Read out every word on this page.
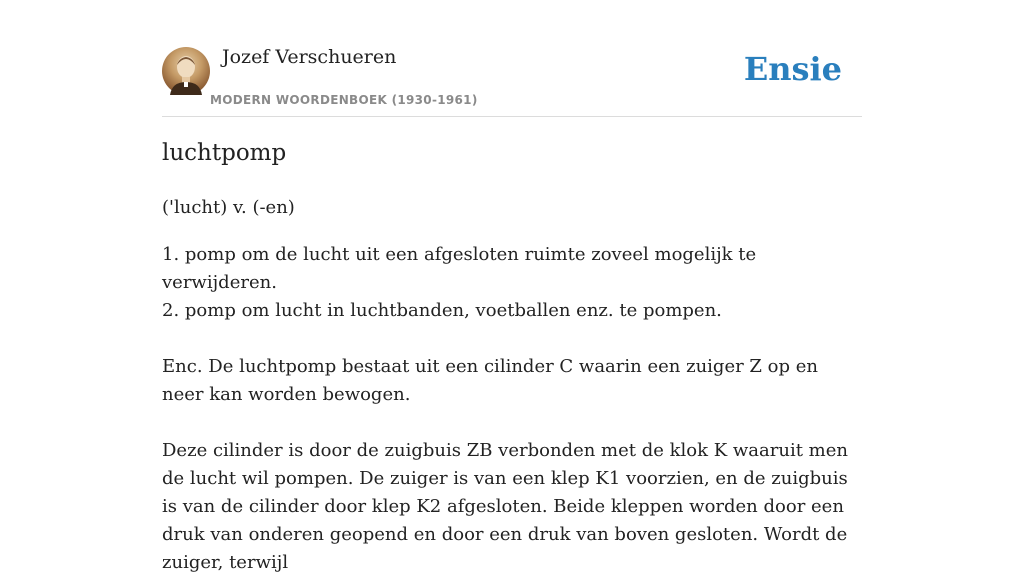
Jozef Verschueren
MODERN WOORDENBOEK (1930-1961)
Ensie
luchtpomp

('lucht) v. (-en)

1. pomp om de lucht uit een afgesloten ruimte zoveel mogelijk te verwijderen.

2. pomp om lucht in luchtbanden, voetballen enz. te pompen.

Enc. De luchtpomp bestaat uit een cilinder C waarin een zuiger Z op en neer kan worden bewogen.

Deze cilinder is door de zuigbuis ZB verbonden met de klok K waaruit men de lucht wil pompen. De zuiger is van een klep K1 voorzien, en de zuigbuis is van de cilinder door klep K2 afgesloten. Beide kleppen worden door een druk van onderen geopend en door een druk van boven gesloten. Wordt de zuiger, terwijl
